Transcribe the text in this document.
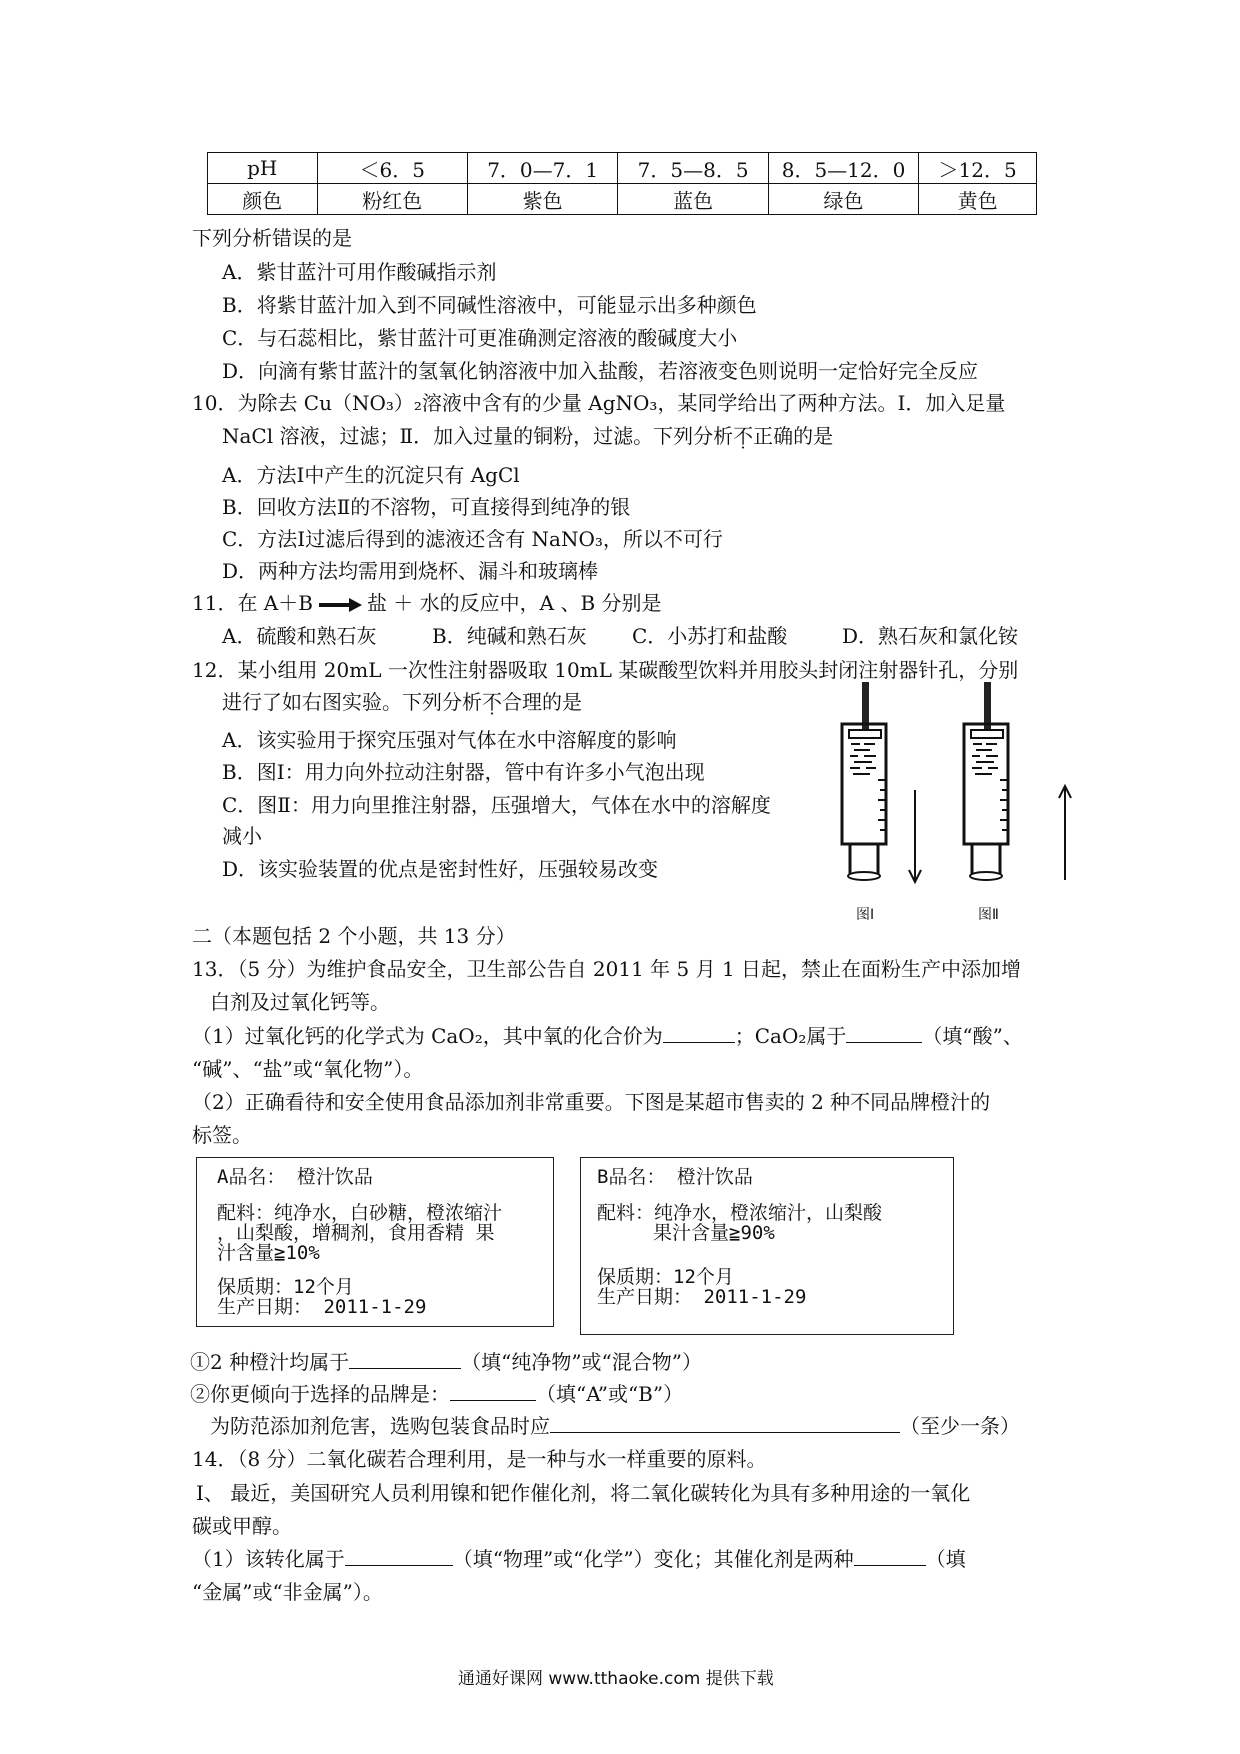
pH	＜6．5	7．0—7．1	7．5—8．5	8．5—12．0	＞12．5
颜色	粉红色	紫色	蓝色	绿色	黄色
下列分析错误的是
A．紫甘蓝汁可用作酸碱指示剂
B．将紫甘蓝汁加入到不同碱性溶液中，可能显示出多种颜色
C．与石蕊相比，紫甘蓝汁可更准确测定溶液的酸碱度大小
D．向滴有紫甘蓝汁的氢氧化钠溶液中加入盐酸，若溶液变色则说明一定恰好完全反应
10．为除去 Cu（NO₃）₂溶液中含有的少量 AgNO₃，某同学给出了两种方法。Ⅰ．加入足量
NaCl 溶液，过滤；Ⅱ．加入过量的铜粉，过滤。下列分析不正确的是
A．方法Ⅰ中产生的沉淀只有 AgCl
B．回收方法Ⅱ的不溶物，可直接得到纯净的银
C．方法Ⅰ过滤后得到的滤液还含有 NaNO₃，所以不可行
D．两种方法均需用到烧杯、漏斗和玻璃棒
11．在 A＋B	盐 ＋ 水的反应中，A 、B 分别是
A．硫酸和熟石灰	B．纯碱和熟石灰 C．小苏打和盐酸	D．熟石灰和氯化铵
12．某小组用 20mL 一次性注射器吸取 10mL 某碳酸型饮料并用胶头封闭注射器针孔，分别
进行了如右图实验。下列分析不合理的是
A．该实验用于探究压强对气体在水中溶解度的影响
B．图Ⅰ：用力向外拉动注射器，管中有许多小气泡出现
C．图Ⅱ：用力向里推注射器，压强增大，气体在水中的溶解度
减小
D．该实验装置的优点是密封性好，压强较易改变
图Ⅰ	图Ⅱ
二（本题包括 2 个小题，共 13 分）
13．（5 分）为维护食品安全，卫生部公告自 2011 年 5 月 1 日起，禁止在面粉生产中添加增
白剂及过氧化钙等。
（1）过氧化钙的化学式为 CaO₂，其中氧的化合价为	；CaO₂属于	（填“酸”、
“碱”、“盐”或“氧化物”）。
（2）正确看待和安全使用食品添加剂非常重要。下图是某超市售卖的 2 种不同品牌橙汁的
标签。
A品名： 橙汁饮品
配料：纯净水，白砂糖，橙浓缩汁
，山梨酸，增稠剂，食用香精 果
汁含量≧10%
保质期：12个月
生产日期： 2011-1-29
B品名： 橙汁饮品
配料：纯净水，橙浓缩汁，山梨酸
果汁含量≧90%
保质期：12个月
生产日期： 2011-1-29
①2 种橙汁均属于	（填“纯净物”或“混合物”）
②你更倾向于选择的品牌是：	（填“A”或“B”）
为防范添加剂危害，选购包装食品时应	（至少一条）
14．（8 分）二氧化碳若合理利用，是一种与水一样重要的原料。
Ⅰ、 最近，美国研究人员利用镍和钯作催化剂，将二氧化碳转化为具有多种用途的一氧化
碳或甲醇。
（1）该转化属于	（填“物理”或“化学”）变化；其催化剂是两种	（填
“金属”或“非金属”）。
通通好课网 www.tthaoke.com 提供下载
